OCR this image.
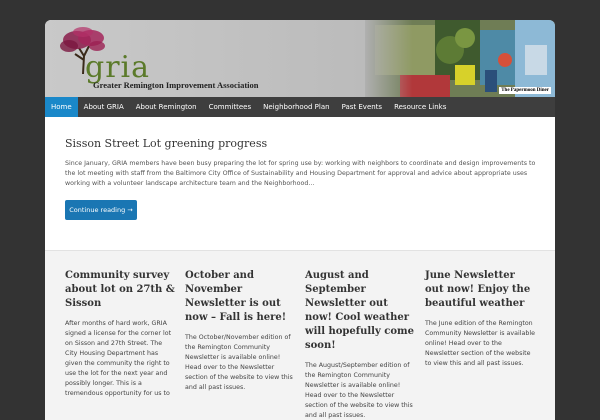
gria
Greater Remington Improvement Association
The Papermoon Diner
Home	About GRIA	About Remington	Committees	Neighborhood Plan	Past Events	Resource Links
Sisson Street Lot greening progress
Since January, GRIA members have been busy preparing the lot for spring use by: working with neighbors to coordinate and design improvements to the lot meeting with staff from the Baltimore City Office of Sustainability and Housing Department for approval and advice about appropriate uses working with a volunteer landscape architecture team and the Neighborhood…
Continue reading →
Community survey about lot on 27th & Sisson
After months of hard work, GRIA signed a license for the corner lot on Sisson and 27th Street. The City Housing Department has given the community the right to use the lot for the next year and possibly longer. This is a tremendous opportunity for us to
October and November Newsletter is out now – Fall is here!
The October/November edition of the Remington Community Newsletter is available online! Head over to the Newsletter section of the website to view this and all past issues.
August and September Newsletter out now! Cool weather will hopefully come soon!
The August/September edition of the Remington Community Newsletter is available online! Head over to the Newsletter section of the website to view this and all past issues.
June Newsletter out now! Enjoy the beautiful weather
The June edition of the Remington Community Newsletter is available online! Head over to the Newsletter section of the website to view this and all past issues.
